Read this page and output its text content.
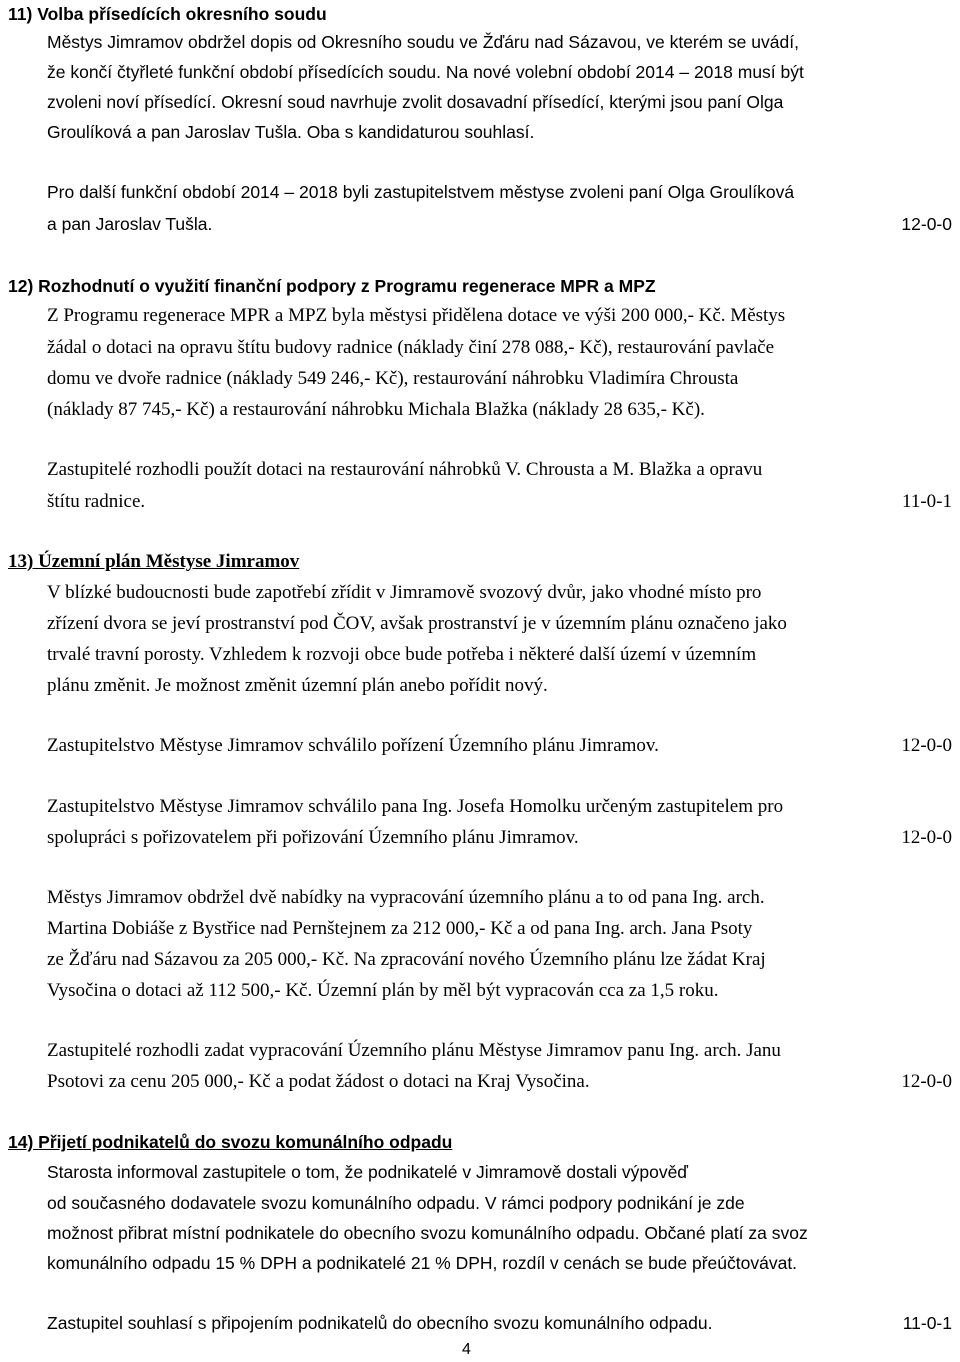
11) Volba přísedících okresního soudu
Městys Jimramov obdržel dopis od Okresního soudu ve Žďáru nad Sázavou, ve kterém se uvádí,
že končí čtyřleté funkční období přísedících soudu. Na nové volební období 2014 – 2018 musí být
zvoleni noví přísedící. Okresní soud navrhuje zvolit dosavadní přísedící, kterými jsou paní Olga
Groulíková a pan Jaroslav Tušla. Oba s kandidaturou souhlasí.
Pro další funkční období 2014 – 2018 byli zastupitelstvem městyse zvoleni paní Olga Groulíková
a pan Jaroslav Tušla.	12-0-0
12) Rozhodnutí o využití finanční podpory z Programu regenerace MPR a MPZ
Z Programu regenerace MPR a MPZ byla městysi přidělena dotace ve výši 200 000,- Kč. Městys
žádal o dotaci na opravu štítu budovy radnice (náklady činí 278 088,- Kč), restaurování pavlače
domu ve dvoře radnice (náklady 549 246,- Kč), restaurování náhrobku Vladimíra Chrousta
(náklady 87 745,- Kč) a restaurování náhrobku Michala Blažka (náklady 28 635,- Kč).
Zastupitelé rozhodli použít dotaci na restaurování náhrobků V. Chrousta a M. Blažka a opravu
štítu radnice.	11-0-1
13) Územní plán Městyse Jimramov
V blízké budoucnosti bude zapotřebí zřídit v Jimramově svozový dvůr, jako vhodné místo pro
zřízení dvora se jeví prostranství pod ČOV, avšak prostranství je v územním plánu označeno jako
trvalé travní porosty. Vzhledem k rozvoji obce bude potřeba i některé další území v územním
plánu změnit. Je možnost změnit územní plán anebo pořídit nový.
Zastupitelstvo Městyse Jimramov schválilo pořízení Územního plánu Jimramov.	12-0-0
Zastupitelstvo Městyse Jimramov schválilo pana Ing. Josefa Homolku určeným zastupitelem pro
spolupráci s pořizovatelem při pořizování Územního plánu Jimramov.	12-0-0
Městys Jimramov obdržel dvě nabídky na vypracování územního plánu a to od pana Ing. arch.
Martina Dobiáše z Bystřice nad Pernštejnem za 212 000,- Kč a od pana Ing. arch. Jana Psoty
ze Žďáru nad Sázavou za 205 000,- Kč. Na zpracování nového Územního plánu lze žádat Kraj
Vysočina o dotaci až 112 500,- Kč. Územní plán by měl být vypracován cca za 1,5 roku.
Zastupitelé rozhodli zadat vypracování Územního plánu Městyse Jimramov panu Ing. arch. Janu
Psotovi za cenu 205 000,- Kč a podat žádost o dotaci na Kraj Vysočina.	12-0-0
14) Přijetí podnikatelů do svozu komunálního odpadu
Starosta informoval zastupitele o tom, že podnikatelé v Jimramově dostali výpověď
od současného dodavatele svozu komunálního odpadu. V rámci podpory podnikání je zde
možnost přibrat místní podnikatele do obecního svozu komunálního odpadu. Občané platí za svoz
komunálního odpadu 15 % DPH a podnikatelé 21 % DPH, rozdíl v cenách se bude přeúčtovávat.
Zastupitel souhlasí s připojením podnikatelů do obecního svozu komunálního odpadu.	11-0-1
4
